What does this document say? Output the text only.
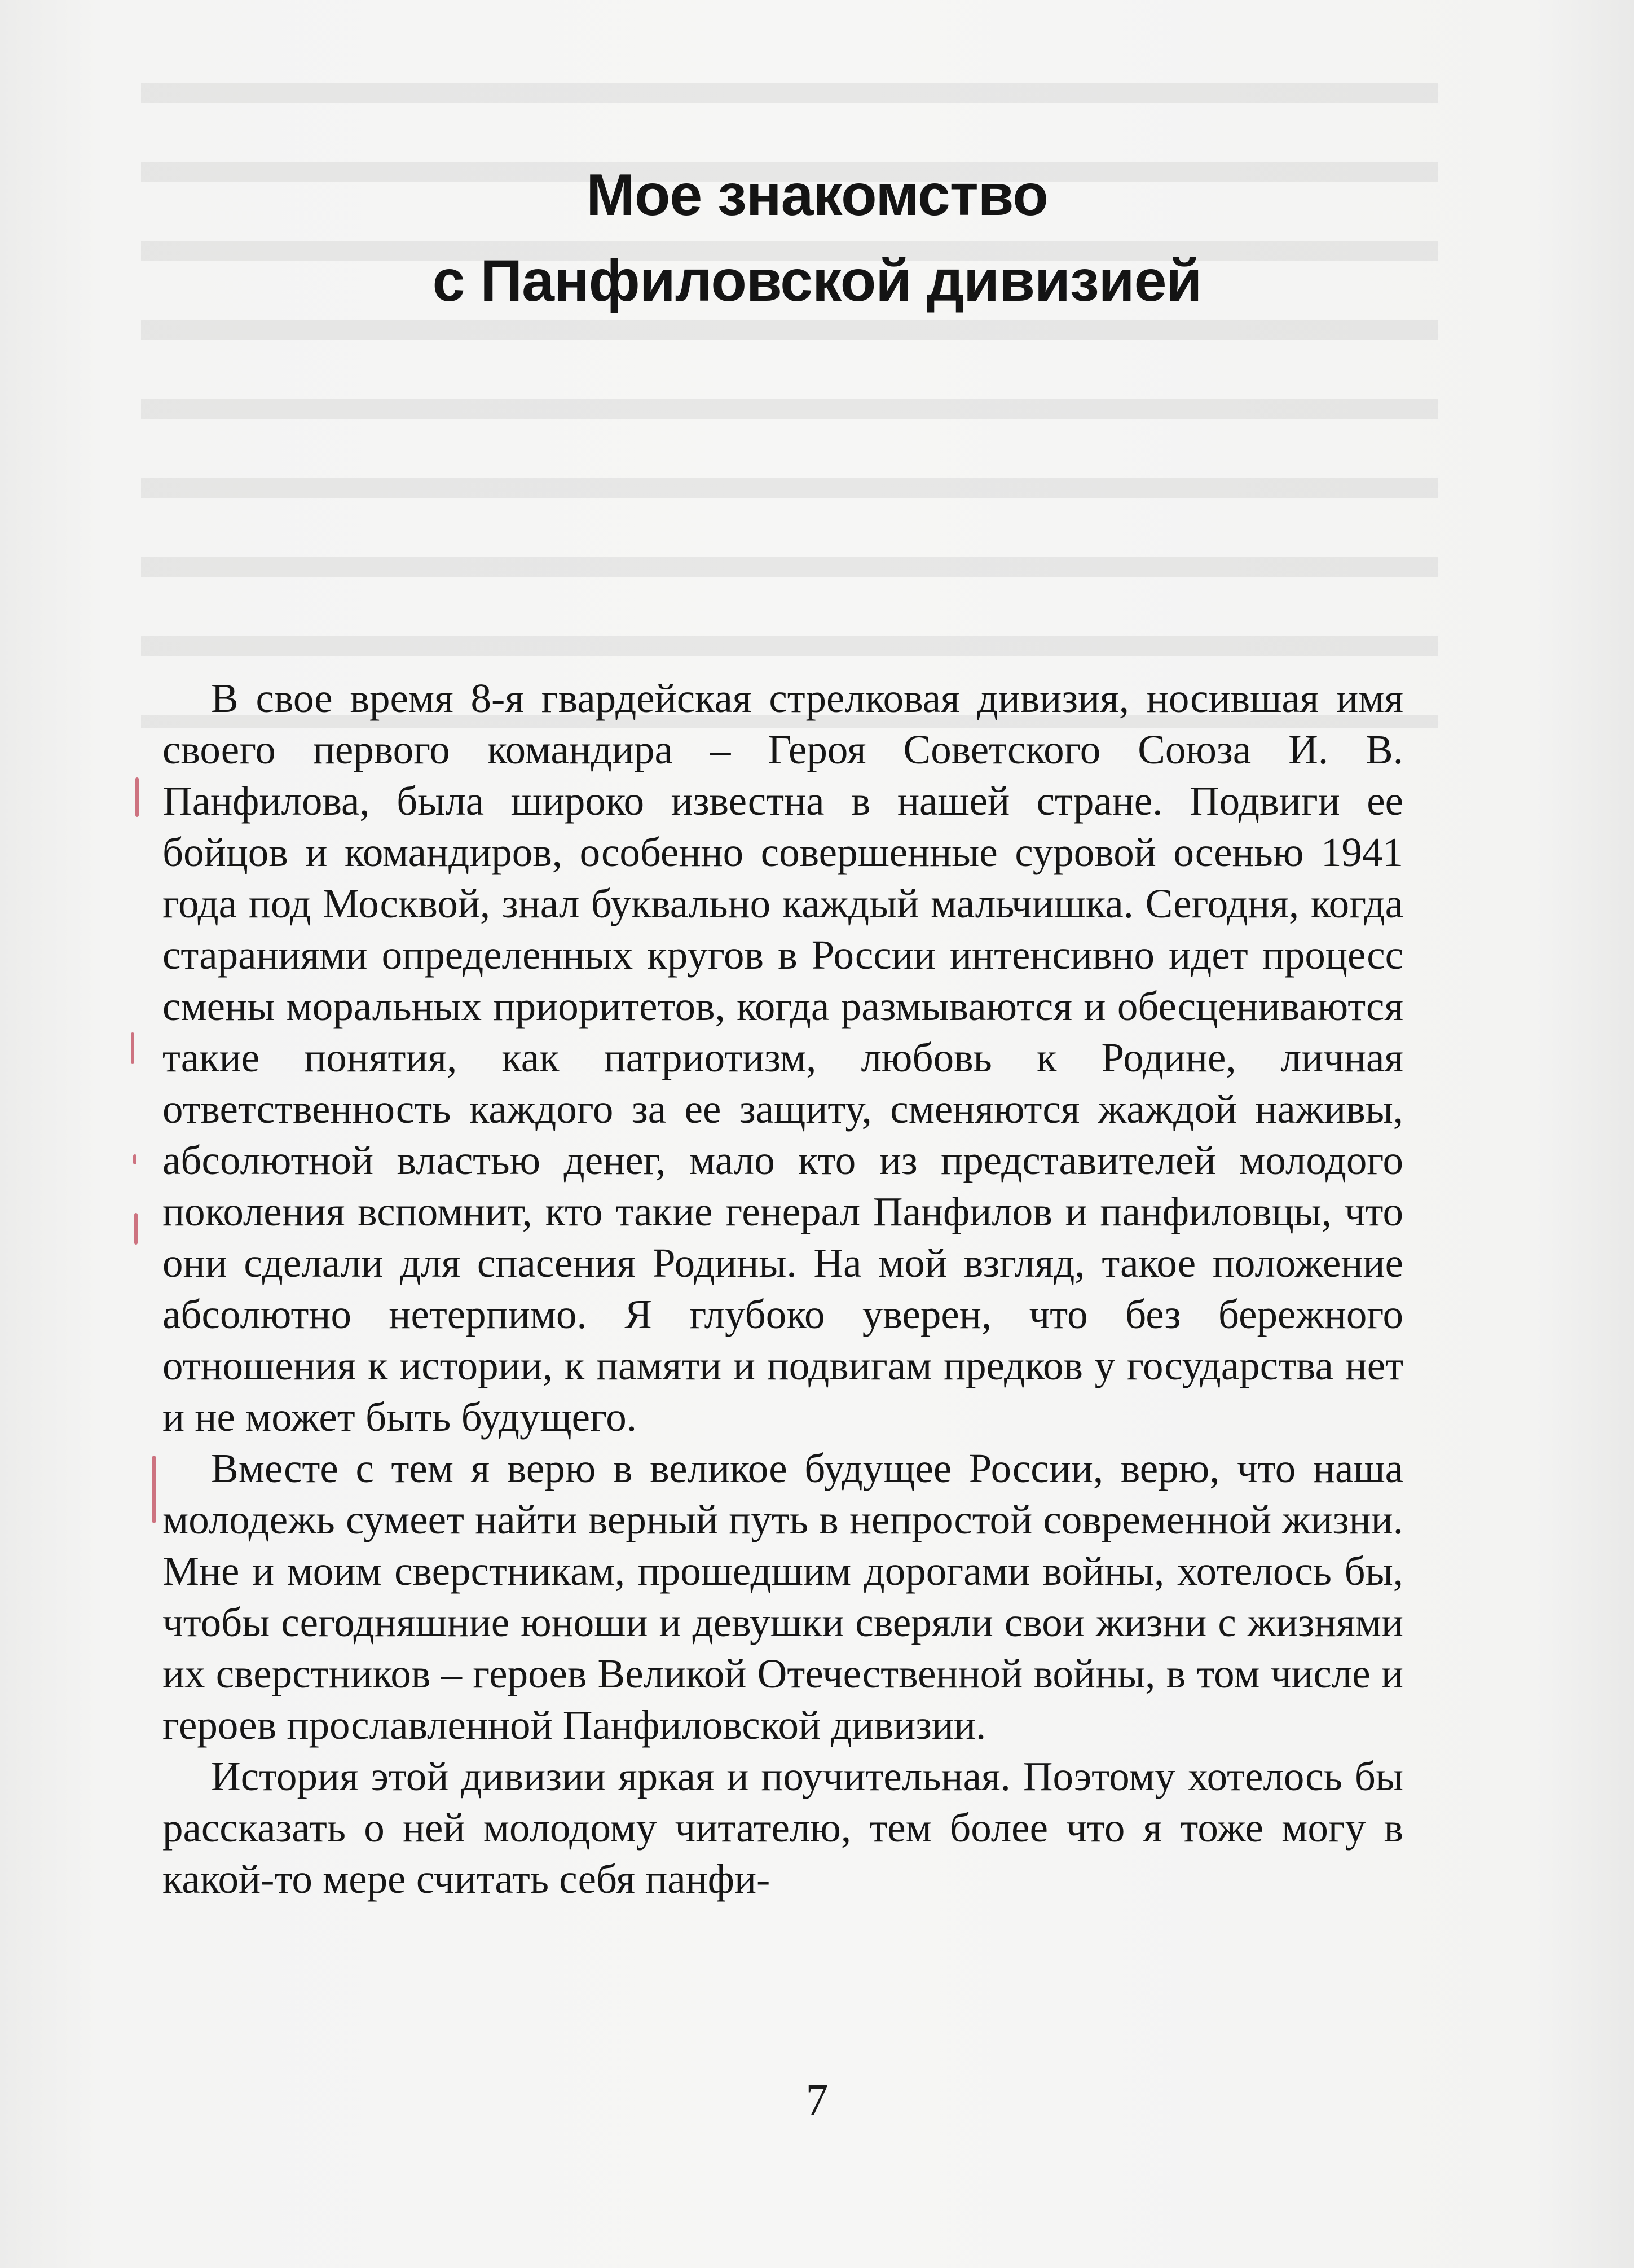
Мое знакомство
с Панфиловской дивизией

В свое время 8-я гвардейская стрелковая дивизия, носившая имя своего первого командира – Героя Советского Союза И. В. Панфилова, была широко известна в нашей стране. Подвиги ее бойцов и командиров, особенно совершенные суровой осенью 1941 года под Москвой, знал буквально каждый мальчишка. Сегодня, когда стараниями определенных кругов в России интенсивно идет процесс смены моральных приоритетов, когда размываются и обесцениваются такие понятия, как патриотизм, любовь к Родине, личная ответственность каждого за ее защиту, сменяются жаждой наживы, абсолютной властью денег, мало кто из представителей молодого поколения вспомнит, кто такие генерал Панфилов и панфиловцы, что они сделали для спасения Родины. На мой взгляд, такое положение абсолютно нетерпимо. Я глубоко уверен, что без бережного отношения к истории, к памяти и подвигам предков у государства нет и не может быть будущего.

Вместе с тем я верю в великое будущее России, верю, что наша молодежь сумеет найти верный путь в непростой современной жизни. Мне и моим сверстникам, прошедшим дорогами войны, хотелось бы, чтобы сегодняшние юноши и девушки сверяли свои жизни с жизнями их сверстников – героев Великой Отечественной войны, в том числе и героев прославленной Панфиловской дивизии.

История этой дивизии яркая и поучительная. Поэтому хотелось бы рассказать о ней молодому читателю, тем более что я тоже могу в какой-то мере считать себя панфи-

7
